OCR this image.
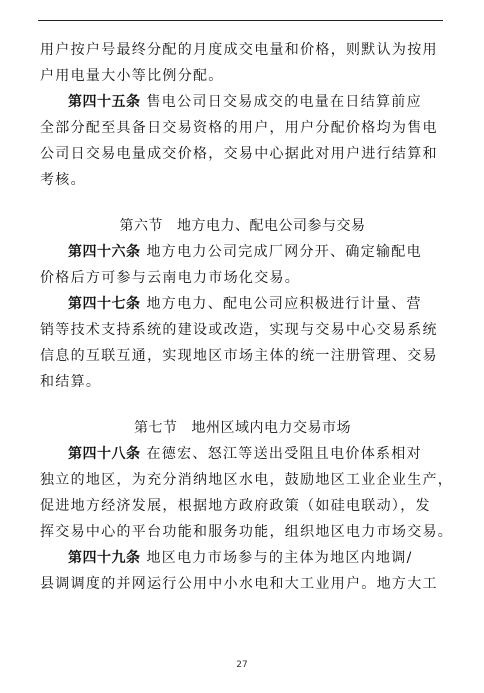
用户按户号最终分配的月度成交电量和价格，则默认为按用
户用电量大小等比例分配。
第四十五条 售电公司日交易成交的电量在日结算前应
全部分配至具备日交易资格的用户，用户分配价格均为售电
公司日交易电量成交价格，交易中心据此对用户进行结算和
考核。
第六节 地方电力、配电公司参与交易
第四十六条 地方电力公司完成厂网分开、确定输配电
价格后方可参与云南电力市场化交易。
第四十七条 地方电力、配电公司应积极进行计量、营
销等技术支持系统的建设或改造，实现与交易中心交易系统
信息的互联互通，实现地区市场主体的统一注册管理、交易
和结算。
第七节 地州区域内电力交易市场
第四十八条 在德宏、怒江等送出受阻且电价体系相对
独立的地区，为充分消纳地区水电，鼓励地区工业企业生产，
促进地方经济发展，根据地方政府政策（如硅电联动），发
挥交易中心的平台功能和服务功能，组织地区电力市场交易。
第四十九条 地区电力市场参与的主体为地区内地调/
县调调度的并网运行公用中小水电和大工业用户。地方大工
27
